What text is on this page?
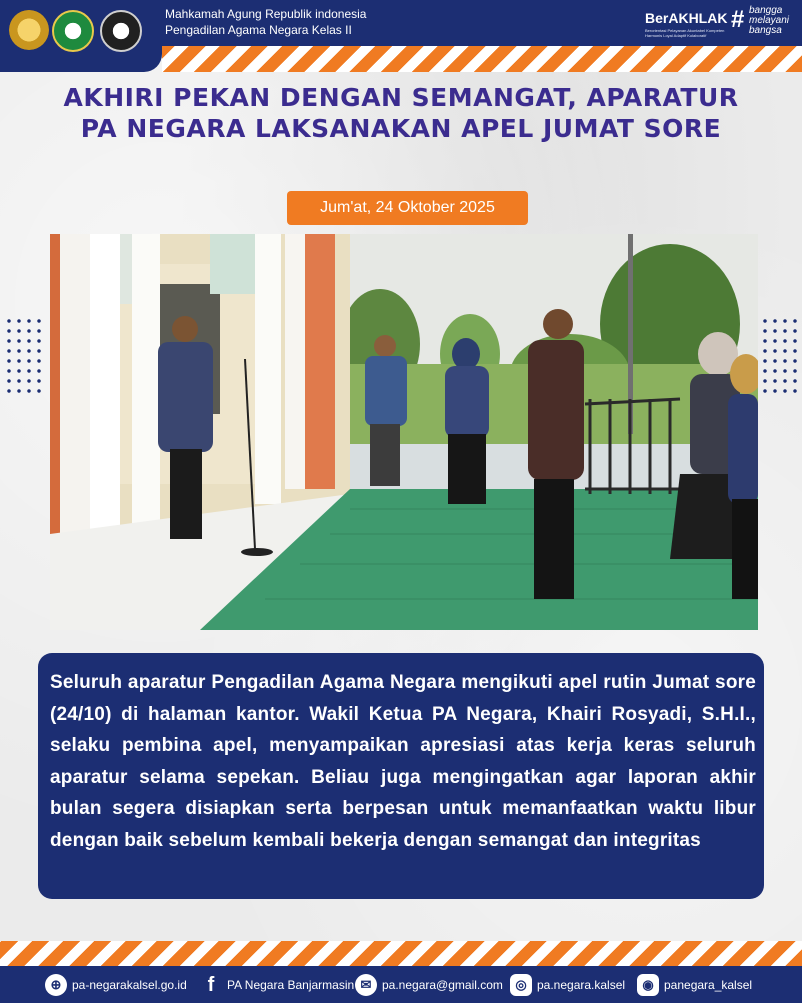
Mahkamah Agung Republik indonesia
Pengadilan Agama Negara Kelas II
BerAKHLAK
Berorientasi Pelayanan Akuntabel Kompeten Harmonis Loyal Adaptif Kolaboratif
# bangga
melayani
bangsa
AKHIRI PEKAN DENGAN SEMANGAT, APARATUR
PA NEGARA LAKSANAKAN APEL JUMAT SORE
Jum'at, 24 Oktober 2025
Seluruh aparatur Pengadilan Agama Negara mengikuti apel rutin Jumat sore (24/10) di halaman kantor. Wakil Ketua PA Negara, Khairi Rosyadi, S.H.I., selaku pembina apel, menyampaikan apresiasi atas kerja keras seluruh aparatur selama sepekan. Beliau juga mengingatkan agar laporan akhir bulan segera disiapkan serta berpesan untuk memanfaatkan waktu libur dengan baik sebelum kembali bekerja dengan semangat dan integritas
⊕ pa-negarakalsel.go.id	f	PA Negara Banjarmasin ✉ pa.negara@gmail.com ◎ pa.negara.kalsel	◉ panegara_kalsel
